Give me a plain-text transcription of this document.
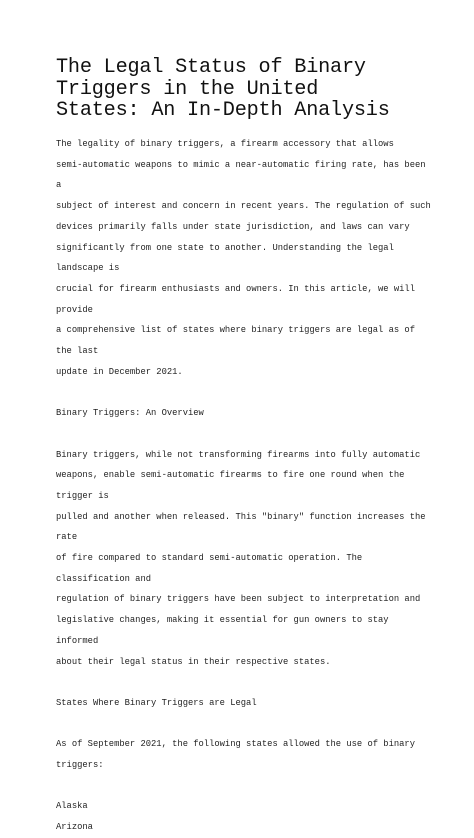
The Legal Status of Binary
Triggers in the United
States: An In-Depth Analysis

The legality of binary triggers, a firearm accessory that allows
semi-automatic weapons to mimic a near-automatic firing rate, has been a
subject of interest and concern in recent years. The regulation of such
devices primarily falls under state jurisdiction, and laws can vary
significantly from one state to another. Understanding the legal landscape is
crucial for firearm enthusiasts and owners. In this article, we will provide
a comprehensive list of states where binary triggers are legal as of the last
update in December 2021.

Binary Triggers: An Overview

Binary triggers, while not transforming firearms into fully automatic
weapons, enable semi-automatic firearms to fire one round when the trigger is
pulled and another when released. This "binary" function increases the rate
of fire compared to standard semi-automatic operation. The classification and
regulation of binary triggers have been subject to interpretation and
legislative changes, making it essential for gun owners to stay informed
about their legal status in their respective states.

States Where Binary Triggers are Legal

As of September 2021, the following states allowed the use of binary
triggers:

Alaska

Arizona
